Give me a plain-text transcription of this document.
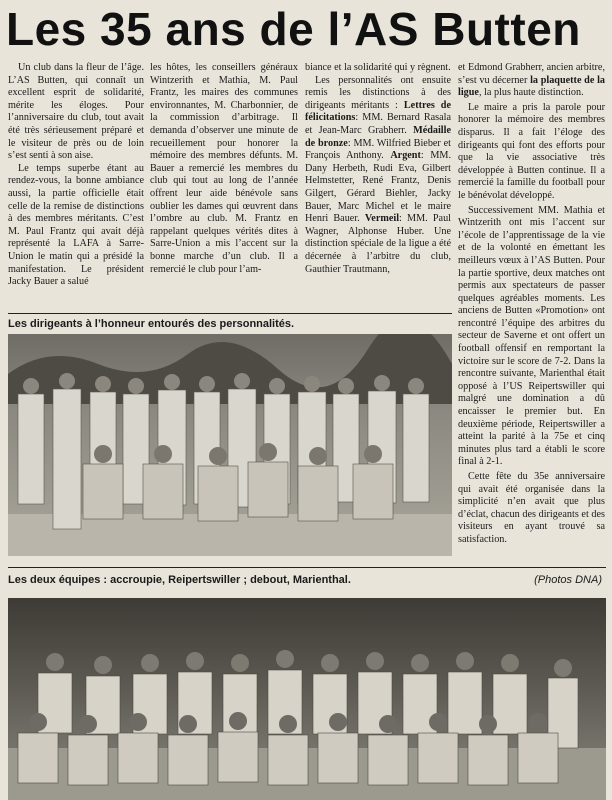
Les 35 ans de l’AS Butten

Un club dans la fleur de l’âge. L’AS Butten, qui connaît un excellent esprit de solidarité, mérite les éloges. Pour l’anniversaire du club, tout avait été très sérieusement préparé et le visiteur de près ou de loin s’est senti à son aise.

Le temps superbe étant au rendez-vous, la bonne ambiance aussi, la partie officielle était celle de la remise de distinctions à des membres méritants. C’est M. Paul Frantz qui avait déjà représenté la LAFA à Sarre-Union le matin qui a présidé la manifestation. Le président Jacky Bauer a salué

les hôtes, les conseillers généraux Wintzerith et Mathia, M. Paul Frantz, les maires des communes environnantes, M. Charbonnier, de la commission d’arbitrage. Il demanda d’observer une minute de recueillement pour honorer la mémoire des membres défunts. M. Bauer a remercié les membres du club qui tout au long de l’année offrent leur aide bénévole sans oublier les dames qui œuvrent dans l’ombre au club. M. Frantz en rappelant quelques vérités dites à Sarre-Union a mis l’accent sur la bonne marche d’un club. Il a remercié le club pour l’am-

biance et la solidarité qui y règnent.

Les personnalités ont ensuite remis les distinctions à des dirigeants méritants : Lettres de félicitations: MM. Bernard Rasala et Jean-Marc Grabherr. Médaille de bronze: MM. Wilfried Bieber et François Anthony. Argent: MM. Dany Herbeth, Rudi Eva, Gilbert Helmstetter, René Frantz, Denis Gilgert, Gérard Biehler, Jacky Bauer, Marc Michel et le maire Henri Bauer. Vermeil: MM. Paul Wagner, Alphonse Huber. Une distinction spéciale de la ligue a été décernée à l’arbitre du club, Gauthier Trautmann,

et Edmond Grabherr, ancien arbitre, s’est vu décerner la plaquette de la ligue, la plus haute distinction.

Le maire a pris la parole pour honorer la mémoire des membres disparus. Il a fait l’éloge des dirigeants qui font des efforts pour que la vie associative très développée à Butten continue. Il a remercié la famille du football pour le bénévolat développé.

Successivement MM. Mathia et Wintzerith ont mis l’accent sur l’école de l’apprentissage de la vie et de la volonté en émettant les meilleurs vœux à l’AS Butten. Pour la partie sportive, deux matches ont permis aux spectateurs de passer quelques agréables moments. Les anciens de Butten «Promotion» ont rencontré l’équipe des arbitres du secteur de Saverne et ont offert un football offensif en remportant la victoire sur le score de 7-2. Dans la rencontre suivante, Marienthal était opposé à l’US Reipertswiller qui malgré une domination a dû encaisser le premier but. En deuxième période, Reipertswiller a atteint la parité à la 75e et cinq minutes plus tard a établi le score final à 2-1.

Cette fête du 35e anniversaire qui avait été organisée dans la simplicité n’en avait que plus d’éclat, chacun des dirigeants et des visiteurs en ayant trouvé sa satisfaction.

Les dirigeants à l’honneur entourés des personnalités.
Les deux équipes : accroupie, Reipertswiller ; debout, Marienthal.	(Photos DNA)
